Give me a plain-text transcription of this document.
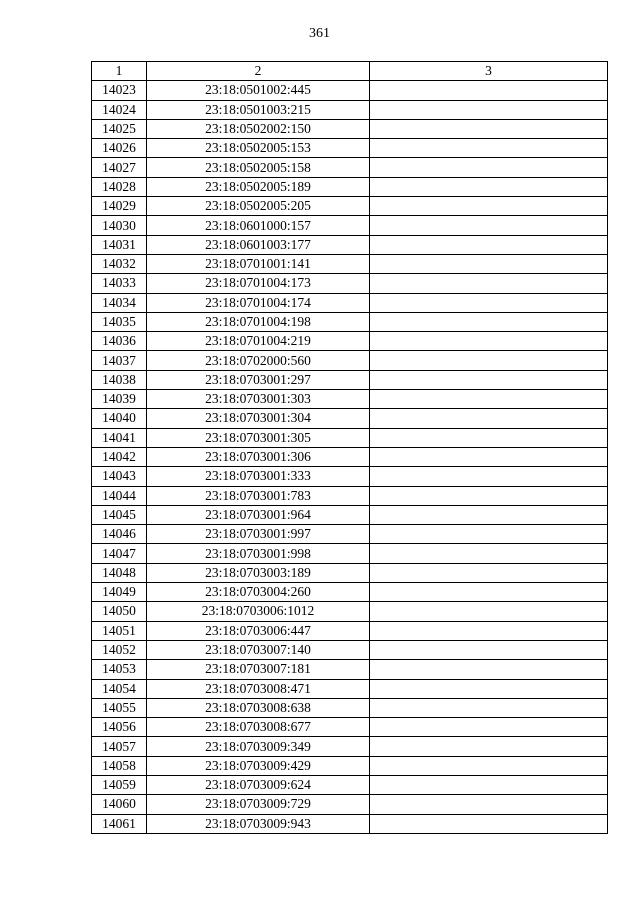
361
1	2	3
14023	23:18:0501002:445	
14024	23:18:0501003:215	
14025	23:18:0502002:150	
14026	23:18:0502005:153	
14027	23:18:0502005:158	
14028	23:18:0502005:189	
14029	23:18:0502005:205	
14030	23:18:0601000:157	
14031	23:18:0601003:177	
14032	23:18:0701001:141	
14033	23:18:0701004:173	
14034	23:18:0701004:174	
14035	23:18:0701004:198	
14036	23:18:0701004:219	
14037	23:18:0702000:560	
14038	23:18:0703001:297	
14039	23:18:0703001:303	
14040	23:18:0703001:304	
14041	23:18:0703001:305	
14042	23:18:0703001:306	
14043	23:18:0703001:333	
14044	23:18:0703001:783	
14045	23:18:0703001:964	
14046	23:18:0703001:997	
14047	23:18:0703001:998	
14048	23:18:0703003:189	
14049	23:18:0703004:260	
14050	23:18:0703006:1012	
14051	23:18:0703006:447	
14052	23:18:0703007:140	
14053	23:18:0703007:181	
14054	23:18:0703008:471	
14055	23:18:0703008:638	
14056	23:18:0703008:677	
14057	23:18:0703009:349	
14058	23:18:0703009:429	
14059	23:18:0703009:624	
14060	23:18:0703009:729	
14061	23:18:0703009:943	
